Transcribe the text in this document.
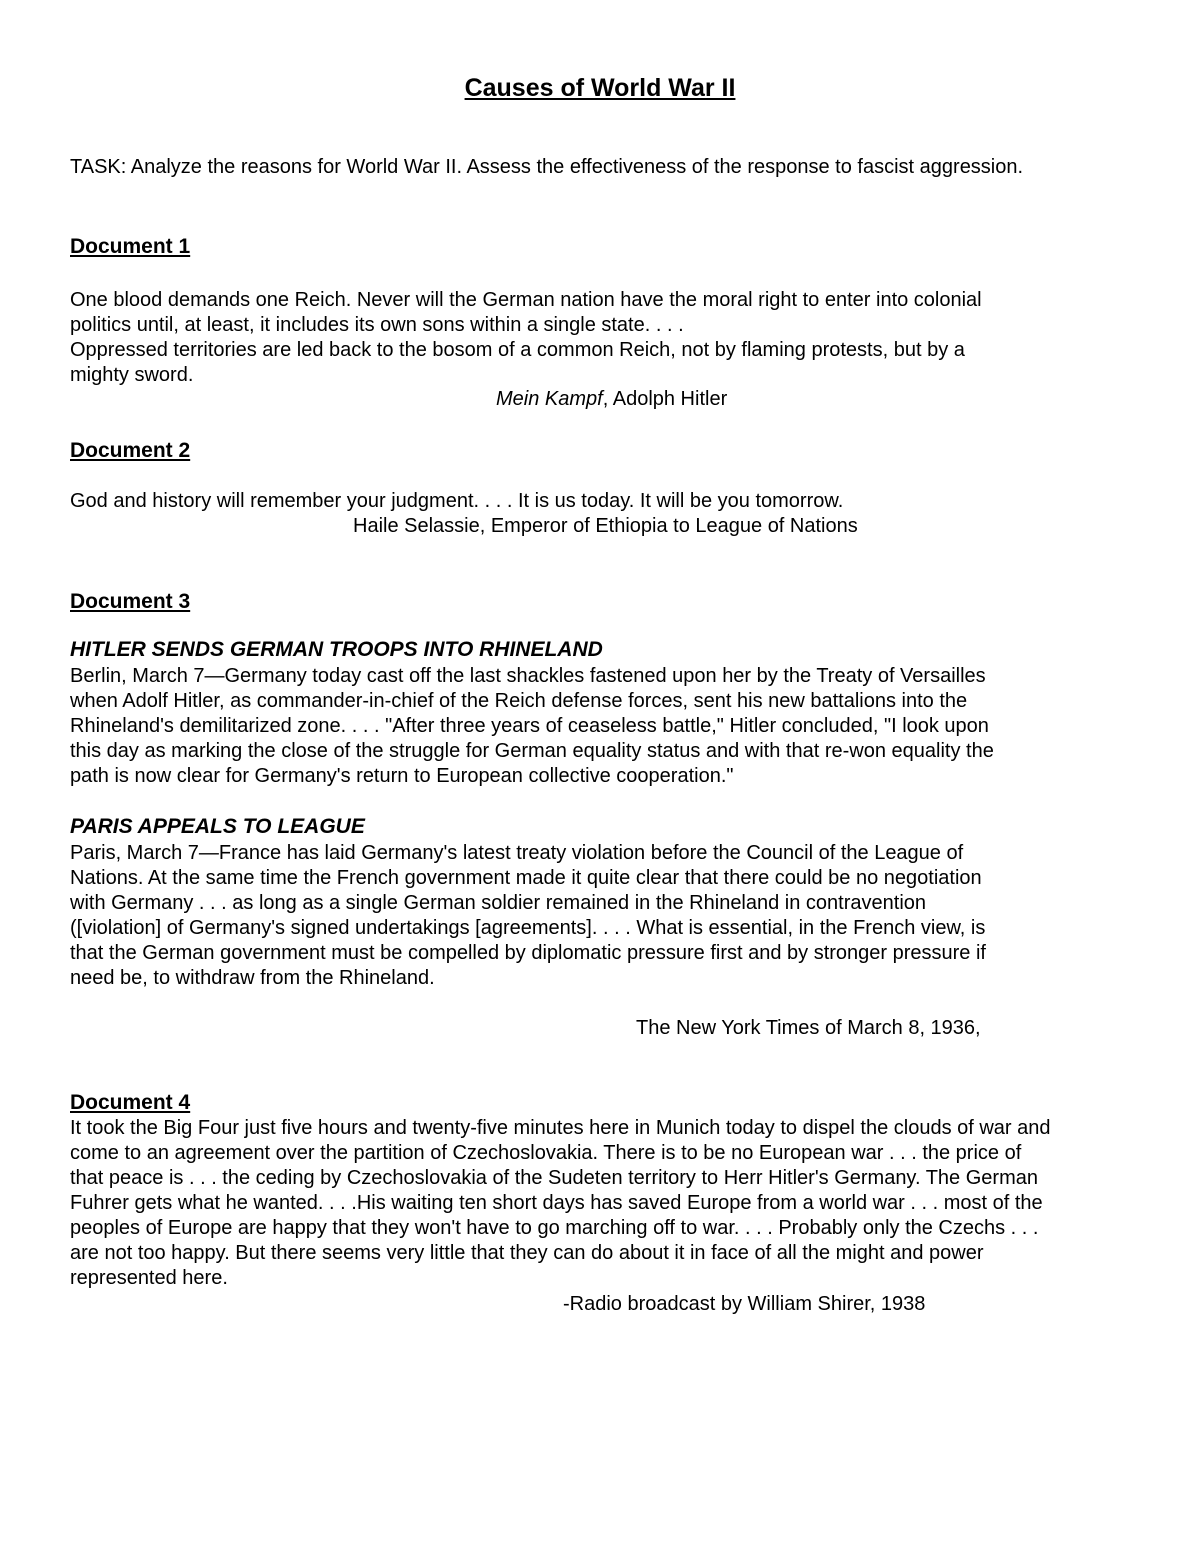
Causes of World War II
TASK: Analyze the reasons for World War II. Assess the effectiveness of the response to fascist aggression.
Document 1
One blood demands one Reich. Never will the German nation have the moral right to enter into colonial
politics until, at least, it includes its own sons within a single state. . . .
Oppressed territories are led back to the bosom of a common Reich, not by flaming protests, but by a
mighty sword.
Mein Kampf, Adolph Hitler
Document 2
God and history will remember your judgment. . . . It is us today. It will be you tomorrow.
Haile Selassie, Emperor of Ethiopia to League of Nations
Document 3
HITLER SENDS GERMAN TROOPS INTO RHINELAND
Berlin, March 7—Germany today cast off the last shackles fastened upon her by the Treaty of Versailles
when Adolf Hitler, as commander-in-chief of the Reich defense forces, sent his new battalions into the
Rhineland's demilitarized zone. . . . "After three years of ceaseless battle," Hitler concluded, "I look upon
this day as marking the close of the struggle for German equality status and with that re-won equality the
path is now clear for Germany's return to European collective cooperation."
PARIS APPEALS TO LEAGUE
Paris, March 7—France has laid Germany's latest treaty violation before the Council of the League of
Nations. At the same time the French government made it quite clear that there could be no negotiation
with Germany . . . as long as a single German soldier remained in the Rhineland in contravention
([violation] of Germany's signed undertakings [agreements]. . . . What is essential, in the French view, is
that the German government must be compelled by diplomatic pressure first and by stronger pressure if
need be, to withdraw from the Rhineland.
The New York Times of March 8, 1936,
Document 4
It took the Big Four just five hours and twenty-five minutes here in Munich today to dispel the clouds of war and
come to an agreement over the partition of Czechoslovakia. There is to be no European war . . . the price of
that peace is . . . the ceding by Czechoslovakia of the Sudeten territory to Herr Hitler's Germany. The German
Fuhrer gets what he wanted. . . .His waiting ten short days has saved Europe from a world war . . . most of the
peoples of Europe are happy that they won't have to go marching off to war. . . . Probably only the Czechs . . .
are not too happy. But there seems very little that they can do about it in face of all the might and power
represented here.
-Radio broadcast by William Shirer, 1938
